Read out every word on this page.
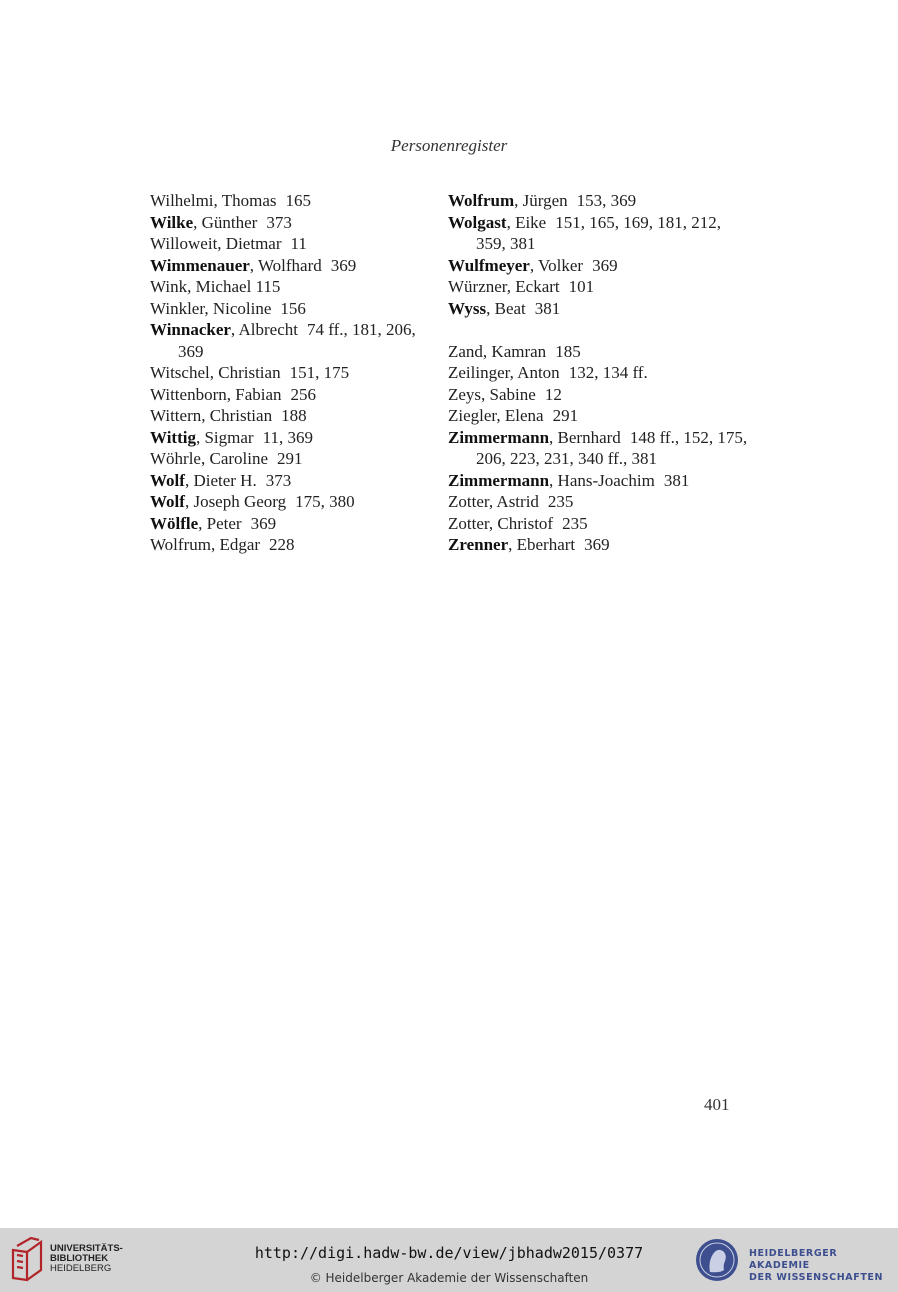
Personenregister
Wilhelmi, Thomas 165
Wilke, Günther 373
Willoweit, Dietmar 11
Wimmenauer, Wolfhard 369
Wink, Michael 115
Winkler, Nicoline 156
Winnacker, Albrecht 74 ff., 181, 206, 369
Witschel, Christian 151, 175
Wittenborn, Fabian 256
Wittern, Christian 188
Wittig, Sigmar 11, 369
Wöhrle, Caroline 291
Wolf, Dieter H. 373
Wolf, Joseph Georg 175, 380
Wölfle, Peter 369
Wolfrum, Edgar 228
Wolfrum, Jürgen 153, 369
Wolgast, Eike 151, 165, 169, 181, 212, 359, 381
Wulfmeyer, Volker 369
Würzner, Eckart 101
Wyss, Beat 381
Zand, Kamran 185
Zeilinger, Anton 132, 134 ff.
Zeys, Sabine 12
Ziegler, Elena 291
Zimmermann, Bernhard 148 ff., 152, 175, 206, 223, 231, 340 ff., 381
Zimmermann, Hans-Joachim 381
Zotter, Astrid 235
Zotter, Christof 235
Zrenner, Eberhart 369
401
UNIVERSITÄTS-
BIBLIOTHEK
HEIDELBERG
http://digi.hadw-bw.de/view/jbhadw2015/0377
© Heidelberger Akademie der Wissenschaften
HEIDELBERGER AKADEMIE
DER WISSENSCHAFTEN
